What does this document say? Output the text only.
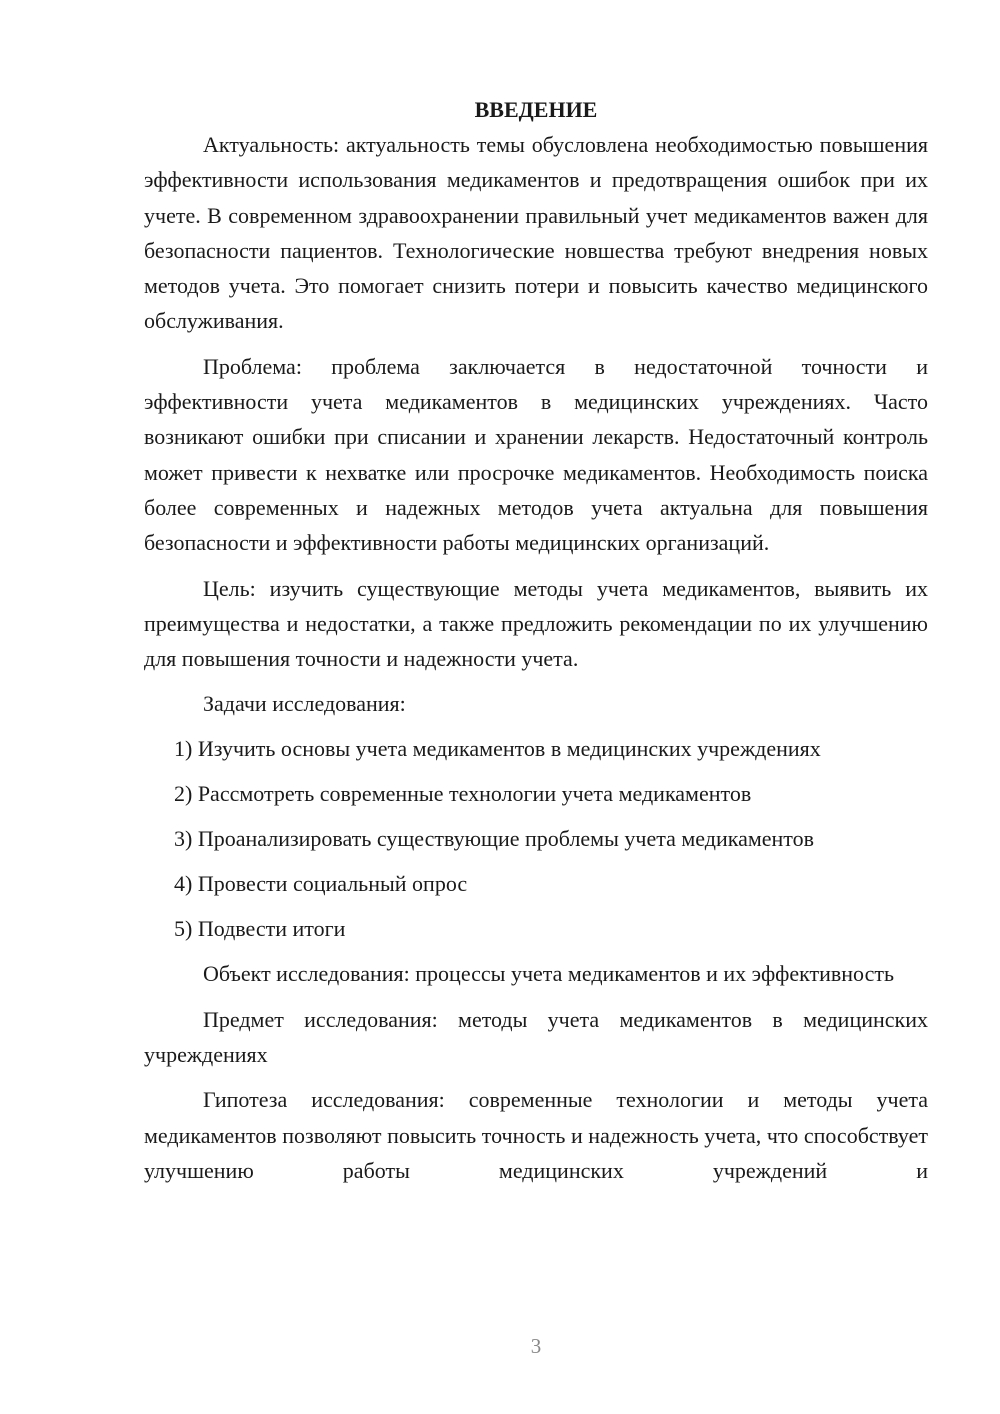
ВВЕДЕНИЕ

Актуальность: актуальность темы обусловлена необходимостью повышения эффективности использования медикаментов и предотвращения ошибок при их учете. В современном здравоохранении правильный учет медикаментов важен для безопасности пациентов. Технологические новшества требуют внедрения новых методов учета. Это помогает снизить потери и повысить качество медицинского обслуживания.

Проблема: проблема заключается в недостаточной точности и эффективности учета медикаментов в медицинских учреждениях. Часто возникают ошибки при списании и хранении лекарств. Недостаточный контроль может привести к нехватке или просрочке медикаментов. Необходимость поиска более современных и надежных методов учета актуальна для повышения безопасности и эффективности работы медицинских организаций.

Цель: изучить существующие методы учета медикаментов, выявить их преимущества и недостатки, а также предложить рекомендации по их улучшению для повышения точности и надежности учета.

Задачи исследования:

1) Изучить основы учета медикаментов в медицинских учреждениях

2) Рассмотреть современные технологии учета медикаментов

3) Проанализировать существующие проблемы учета медикаментов

4) Провести социальный опрос

5) Подвести итоги

Объект исследования: процессы учета медикаментов и их эффективность

Предмет исследования: методы учета медикаментов в медицинских учреждениях

Гипотеза исследования: современные технологии и методы учета медикаментов позволяют повысить точность и надежность учета, что способствует улучшению работы медицинских учреждений и

3
